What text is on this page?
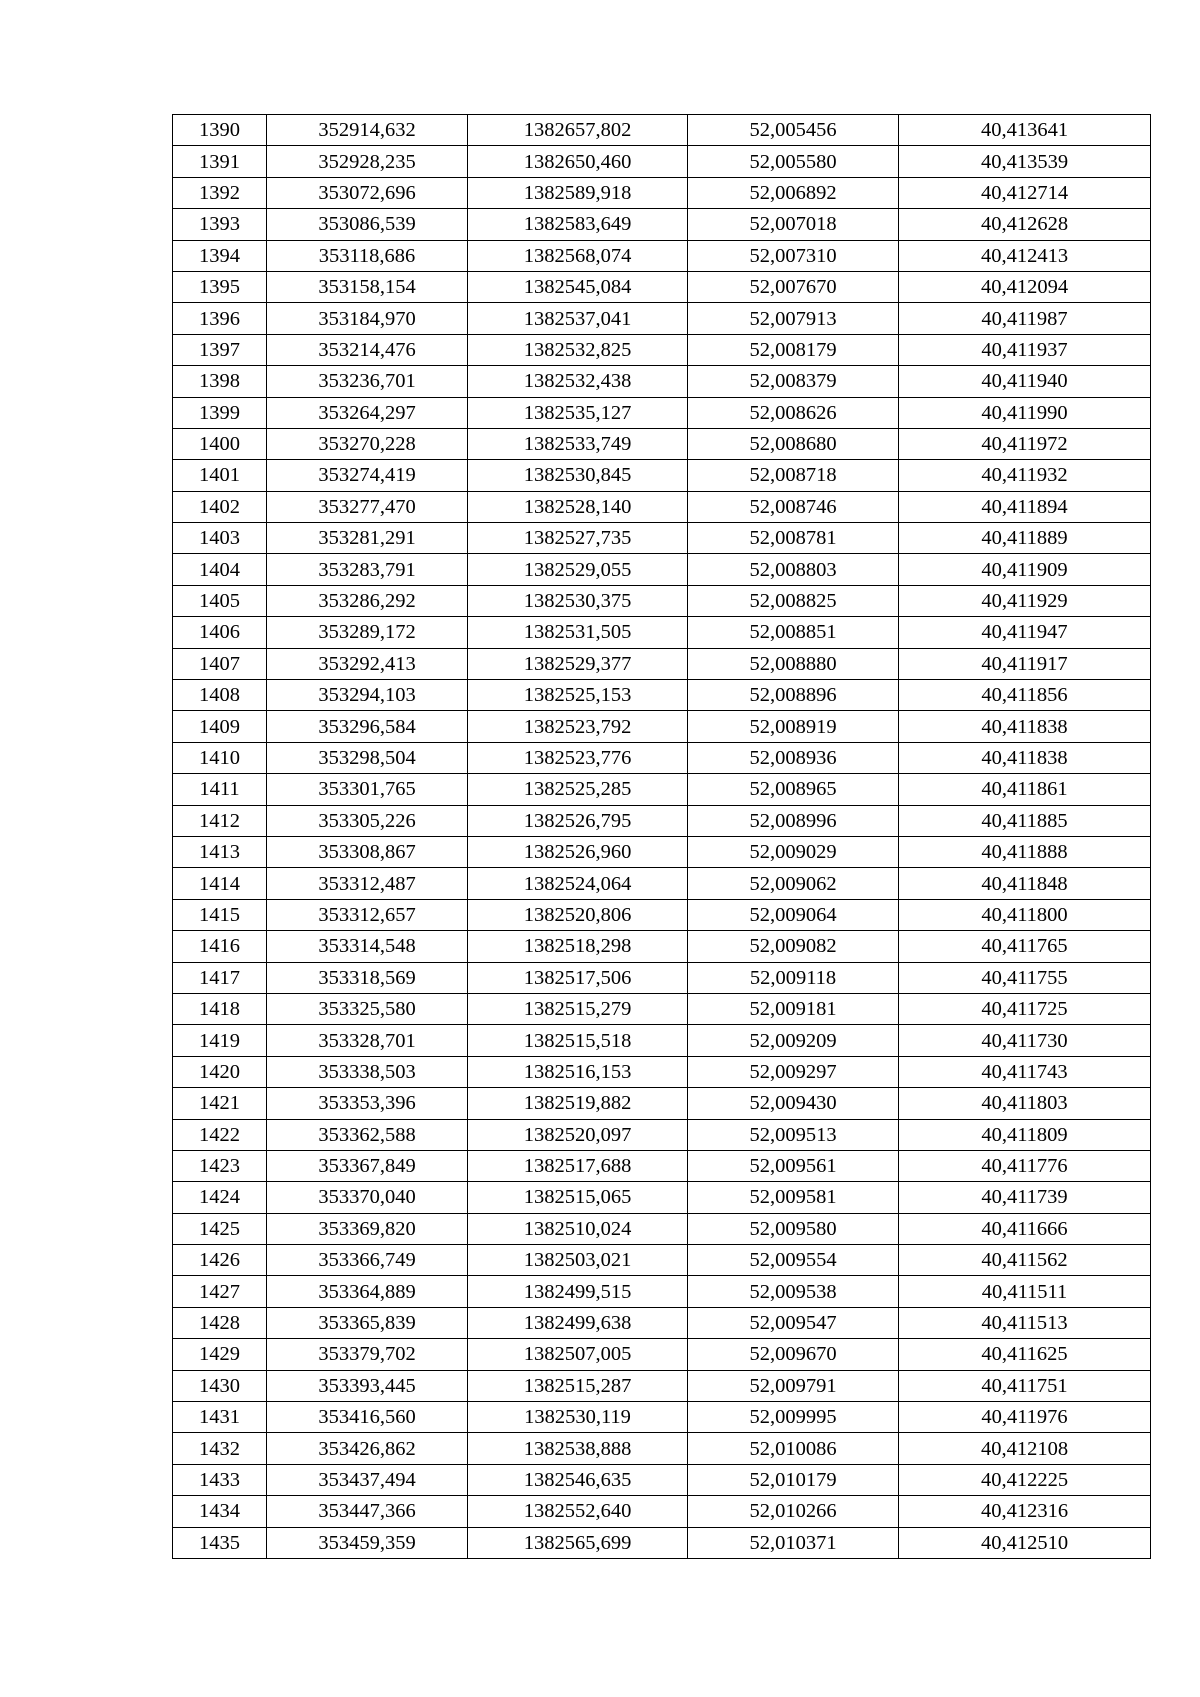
1390	352914,632	1382657,802	52,005456	40,413641
1391	352928,235	1382650,460	52,005580	40,413539
1392	353072,696	1382589,918	52,006892	40,412714
1393	353086,539	1382583,649	52,007018	40,412628
1394	353118,686	1382568,074	52,007310	40,412413
1395	353158,154	1382545,084	52,007670	40,412094
1396	353184,970	1382537,041	52,007913	40,411987
1397	353214,476	1382532,825	52,008179	40,411937
1398	353236,701	1382532,438	52,008379	40,411940
1399	353264,297	1382535,127	52,008626	40,411990
1400	353270,228	1382533,749	52,008680	40,411972
1401	353274,419	1382530,845	52,008718	40,411932
1402	353277,470	1382528,140	52,008746	40,411894
1403	353281,291	1382527,735	52,008781	40,411889
1404	353283,791	1382529,055	52,008803	40,411909
1405	353286,292	1382530,375	52,008825	40,411929
1406	353289,172	1382531,505	52,008851	40,411947
1407	353292,413	1382529,377	52,008880	40,411917
1408	353294,103	1382525,153	52,008896	40,411856
1409	353296,584	1382523,792	52,008919	40,411838
1410	353298,504	1382523,776	52,008936	40,411838
1411	353301,765	1382525,285	52,008965	40,411861
1412	353305,226	1382526,795	52,008996	40,411885
1413	353308,867	1382526,960	52,009029	40,411888
1414	353312,487	1382524,064	52,009062	40,411848
1415	353312,657	1382520,806	52,009064	40,411800
1416	353314,548	1382518,298	52,009082	40,411765
1417	353318,569	1382517,506	52,009118	40,411755
1418	353325,580	1382515,279	52,009181	40,411725
1419	353328,701	1382515,518	52,009209	40,411730
1420	353338,503	1382516,153	52,009297	40,411743
1421	353353,396	1382519,882	52,009430	40,411803
1422	353362,588	1382520,097	52,009513	40,411809
1423	353367,849	1382517,688	52,009561	40,411776
1424	353370,040	1382515,065	52,009581	40,411739
1425	353369,820	1382510,024	52,009580	40,411666
1426	353366,749	1382503,021	52,009554	40,411562
1427	353364,889	1382499,515	52,009538	40,411511
1428	353365,839	1382499,638	52,009547	40,411513
1429	353379,702	1382507,005	52,009670	40,411625
1430	353393,445	1382515,287	52,009791	40,411751
1431	353416,560	1382530,119	52,009995	40,411976
1432	353426,862	1382538,888	52,010086	40,412108
1433	353437,494	1382546,635	52,010179	40,412225
1434	353447,366	1382552,640	52,010266	40,412316
1435	353459,359	1382565,699	52,010371	40,412510
